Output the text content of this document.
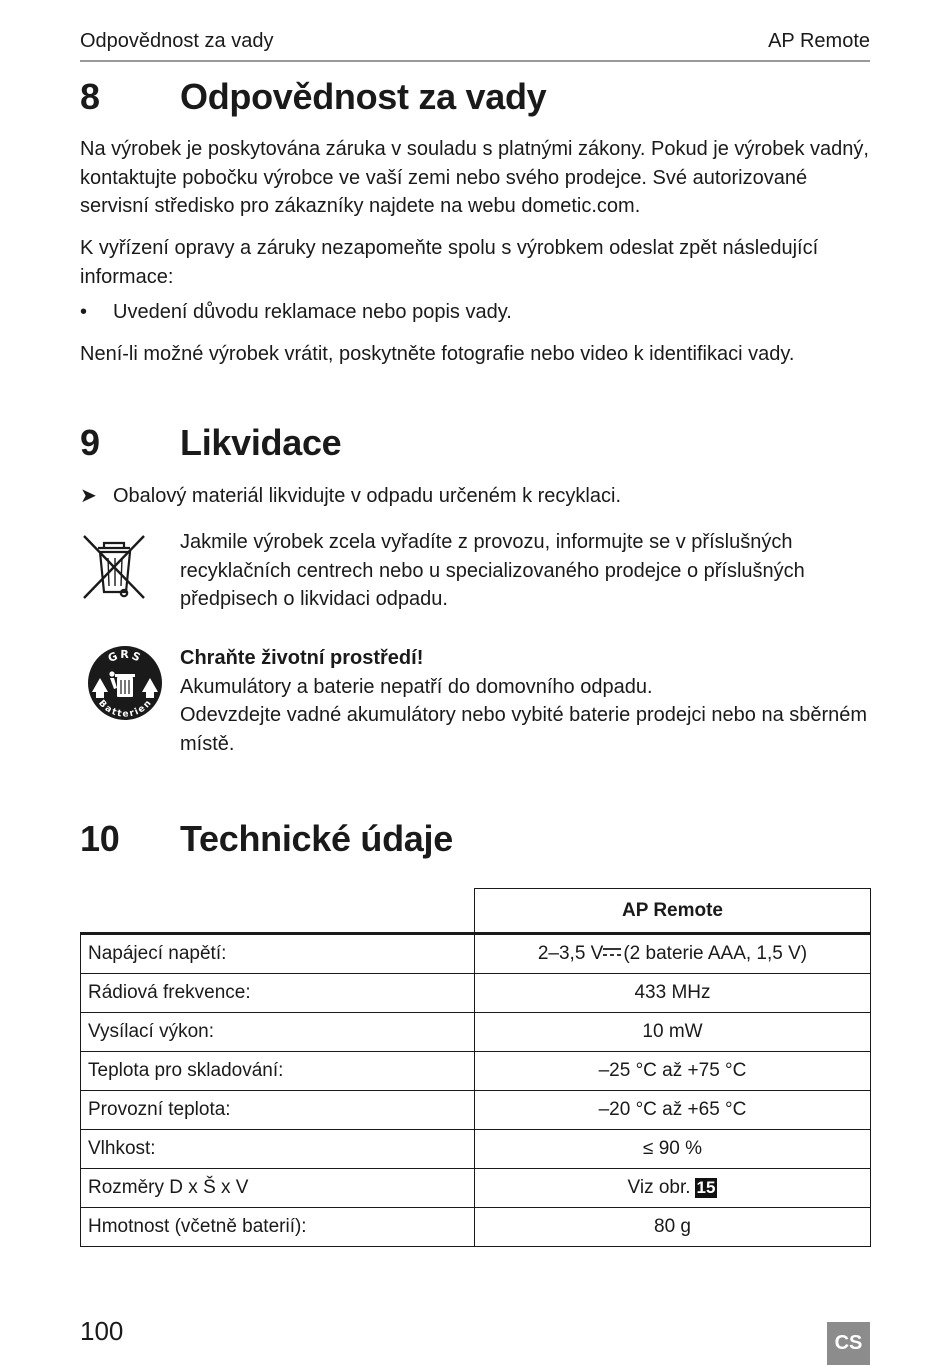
Odpovědnost za vady	AP Remote
8 Odpovědnost za vady

Na výrobek je poskytována záruka v souladu s platnými zákony. Pokud je výrobek vadný, kontaktujte pobočku výrobce ve vaší zemi nebo svého prodejce. Své autorizované servisní středisko pro zákazníky najdete na webu dometic.com.

K vyřízení opravy a záruky nezapomeňte spolu s výrobkem odeslat zpět následující informace:

• Uvedení důvodu reklamace nebo popis vady.

Není-li možné výrobek vrátit, poskytněte fotografie nebo video k identifikaci vady.

9 Likvidace
➤ Obalový materiál likvidujte v odpadu určeném k recyklaci.

Jakmile výrobek zcela vyřadíte z provozu, informujte se v příslušných recyklačních centrech nebo u specializovaného prodejce o příslušných předpisech o likvidaci odpadu.

GRS
Batterien
Chraňte životní prostředí!
Akumulátory a baterie nepatří do domovního odpadu.
Odevzdejte vadné akumulátory nebo vybité baterie prodejci nebo na sběrném místě.
10 Technické údaje
	AP Remote
Napájecí napětí:	2–3,5 V (2 baterie AAA, 1,5 V)
Rádiová frekvence:	433 MHz
Vysílací výkon:	10 mW
Teplota pro skladování:	–25 °C až +75 °C
Provozní teplota:	–20 °C až +65 °C
Vlhkost:	≤ 90 %
Rozměry D x Š x V	Viz obr. 15
Hmotnost (včetně baterií):	80 g
100	CS
